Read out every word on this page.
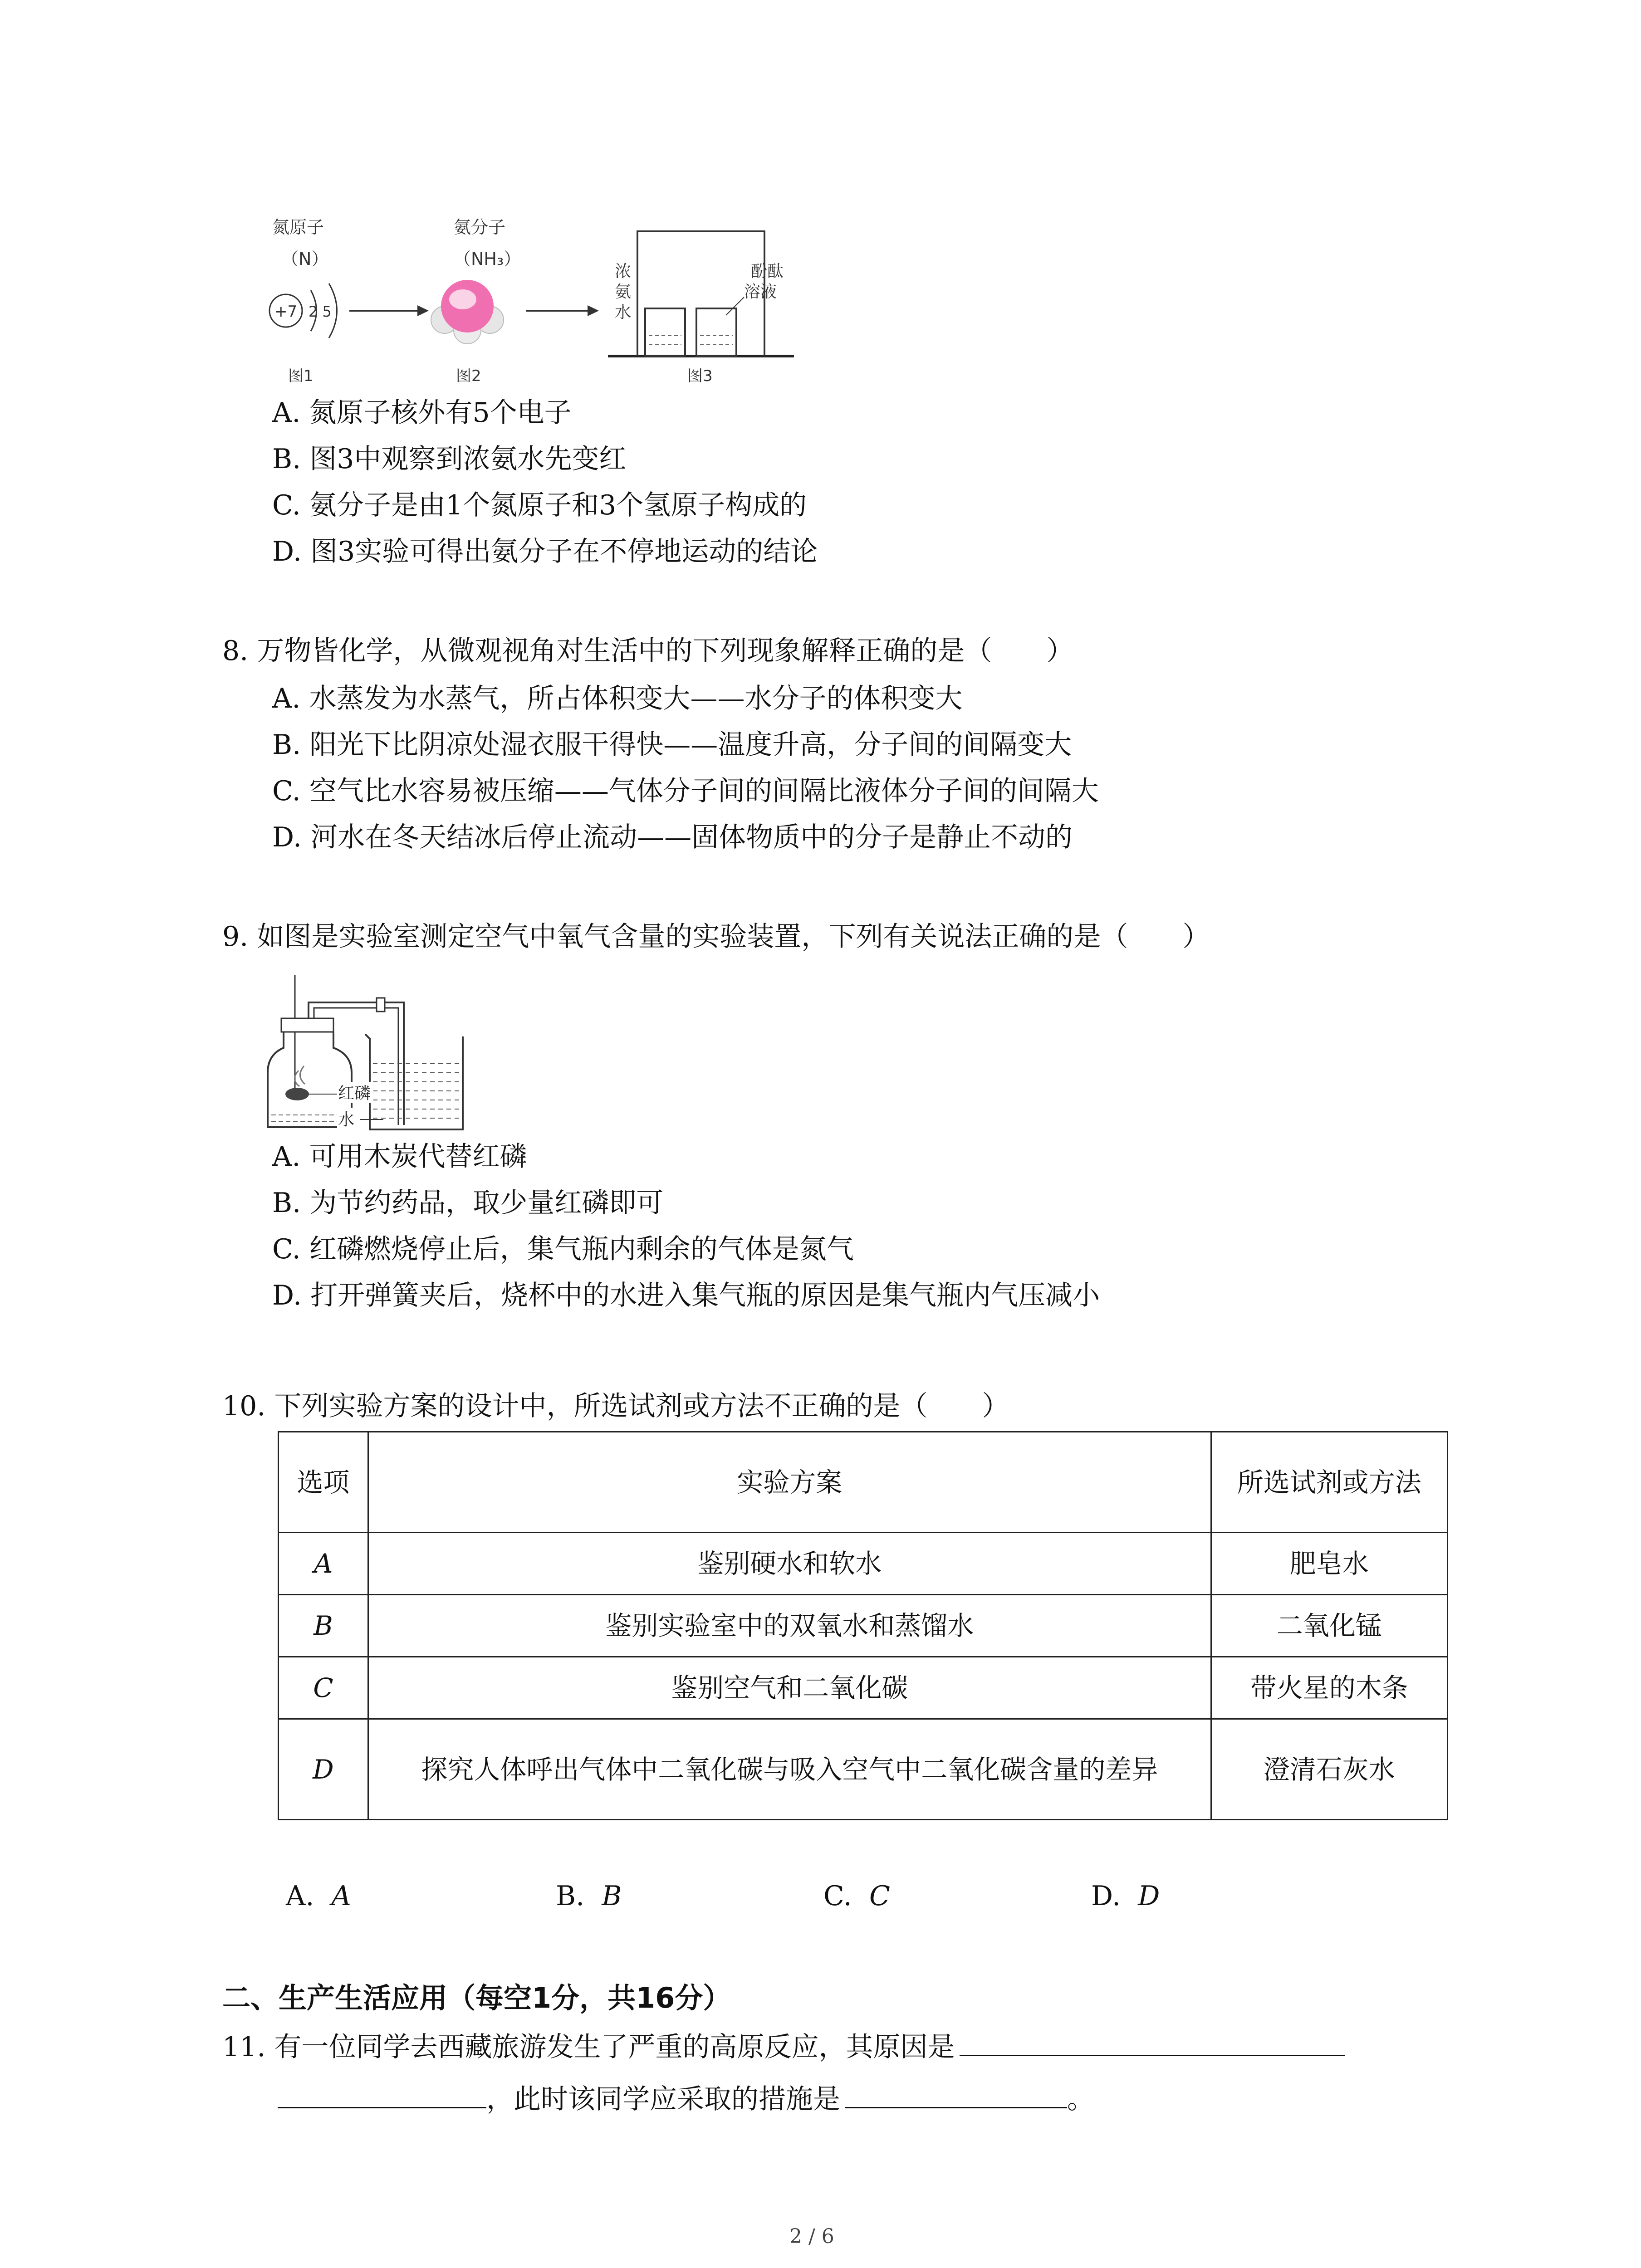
氮原子
（N）
氨分子
（NH₃）
+7 2 5
浓
氨
水
酚酞
溶液
图1	图2	图3
A. 氮原子核外有5个电子
B. 图3中观察到浓氨水先变红
C. 氨分子是由1个氮原子和3个氢原子构成的
D. 图3实验可得出氨分子在不停地运动的结论
8. 万物皆化学，从微观视角对生活中的下列现象解释正确的是（　　）
A. 水蒸发为水蒸气，所占体积变大——水分子的体积变大
B. 阳光下比阴凉处湿衣服干得快——温度升高，分子间的间隔变大
C. 空气比水容易被压缩——气体分子间的间隔比液体分子间的间隔大
D. 河水在冬天结冰后停止流动——固体物质中的分子是静止不动的
9. 如图是实验室测定空气中氧气含量的实验装置，下列有关说法正确的是（　　）
红磷
水
A. 可用木炭代替红磷
B. 为节约药品，取少量红磷即可
C. 红磷燃烧停止后，集气瓶内剩余的气体是氮气
D. 打开弹簧夹后，烧杯中的水进入集气瓶的原因是集气瓶内气压减小
10. 下列实验方案的设计中，所选试剂或方法不正确的是（　　）
选项	实验方案	所选试剂或方法
A	鉴别硬水和软水	肥皂水
B	鉴别实验室中的双氧水和蒸馏水	二氧化锰
C	鉴别空气和二氧化碳	带火星的木条
D	探究人体呼出气体中二氧化碳与吸入空气中二氧化碳含量的差异	澄清石灰水
A. A	B. B	C. C	D. D
二、生产生活应用（每空1分，共16分）
11. 有一位同学去西藏旅游发生了严重的高原反应，其原因是
，此时该同学应采取的措施是	。
2 / 6
